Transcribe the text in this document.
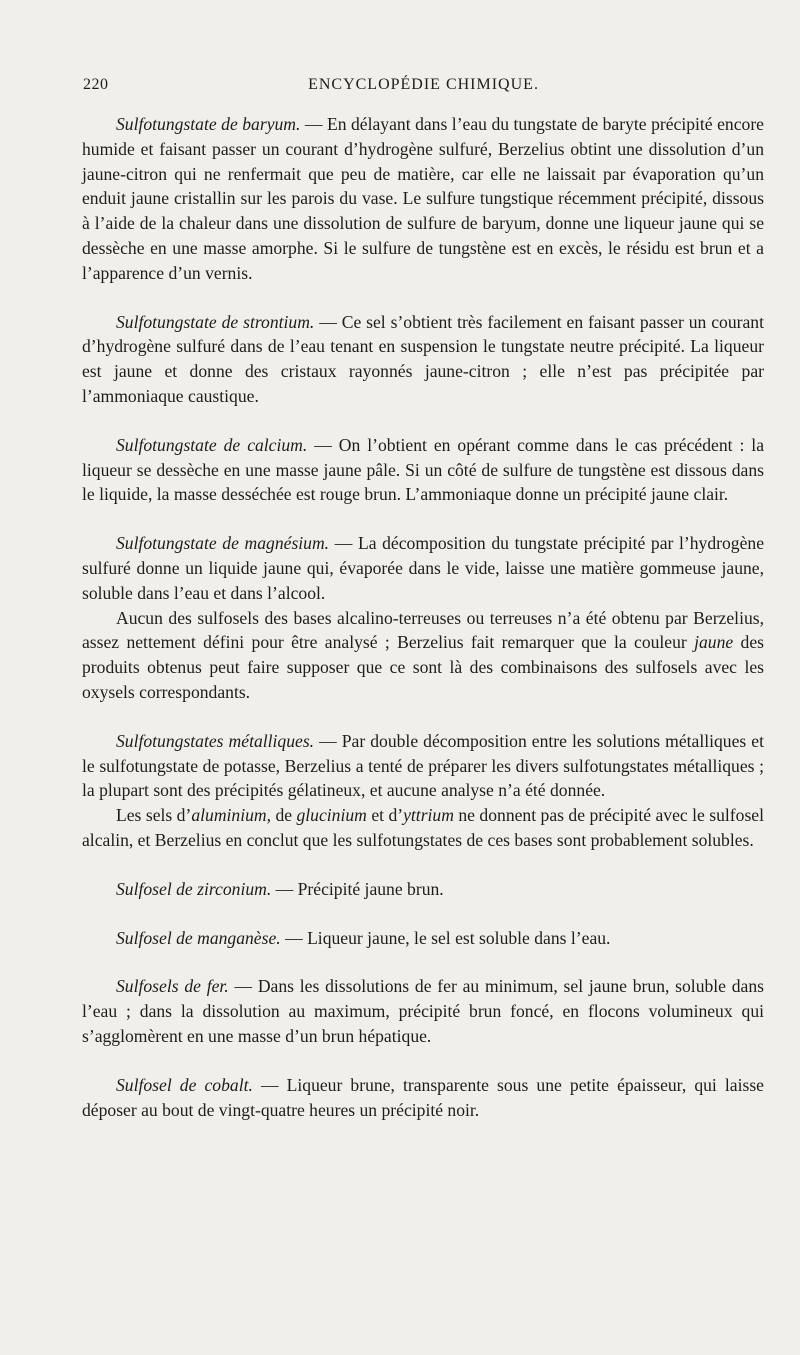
220	ENCYCLOPÉDIE CHIMIQUE.

Sulfotungstate de baryum. — En délayant dans l’eau du tungstate de baryte précipité encore humide et faisant passer un courant d’hydrogène sulfuré, Berzelius obtint une dissolution d’un jaune-citron qui ne renfermait que peu de matière, car elle ne laissait par évaporation qu’un enduit jaune cristallin sur les parois du vase. Le sulfure tungstique récemment précipité, dissous à l’aide de la chaleur dans une dissolution de sulfure de baryum, donne une liqueur jaune qui se dessèche en une masse amorphe. Si le sulfure de tungstène est en excès, le résidu est brun et a l’apparence d’un vernis.

Sulfotungstate de strontium. — Ce sel s’obtient très facilement en faisant passer un courant d’hydrogène sulfuré dans de l’eau tenant en suspension le tungstate neutre précipité. La liqueur est jaune et donne des cristaux rayonnés jaune-citron ; elle n’est pas précipitée par l’ammoniaque caustique.

Sulfotungstate de calcium. — On l’obtient en opérant comme dans le cas précédent : la liqueur se dessèche en une masse jaune pâle. Si un côté de sulfure de tungstène est dissous dans le liquide, la masse desséchée est rouge brun. L’ammoniaque donne un précipité jaune clair.

Sulfotungstate de magnésium. — La décomposition du tungstate précipité par l’hydrogène sulfuré donne un liquide jaune qui, évaporée dans le vide, laisse une matière gommeuse jaune, soluble dans l’eau et dans l’alcool.

Aucun des sulfosels des bases alcalino-terreuses ou terreuses n’a été obtenu par Berzelius, assez nettement défini pour être analysé ; Berzelius fait remarquer que la couleur jaune des produits obtenus peut faire supposer que ce sont là des combinaisons des sulfosels avec les oxysels correspondants.

Sulfotungstates métalliques. — Par double décomposition entre les solutions métalliques et le sulfotungstate de potasse, Berzelius a tenté de préparer les divers sulfotungstates métalliques ; la plupart sont des précipités gélatineux, et aucune analyse n’a été donnée.

Les sels d’aluminium, de glucinium et d’yttrium ne donnent pas de précipité avec le sulfosel alcalin, et Berzelius en conclut que les sulfotungstates de ces bases sont probablement solubles.

Sulfosel de zirconium. — Précipité jaune brun.

Sulfosel de manganèse. — Liqueur jaune, le sel est soluble dans l’eau.

Sulfosels de fer. — Dans les dissolutions de fer au minimum, sel jaune brun, soluble dans l’eau ; dans la dissolution au maximum, précipité brun foncé, en flocons volumineux qui s’agglomèrent en une masse d’un brun hépatique.

Sulfosel de cobalt. — Liqueur brune, transparente sous une petite épaisseur, qui laisse déposer au bout de vingt-quatre heures un précipité noir.
